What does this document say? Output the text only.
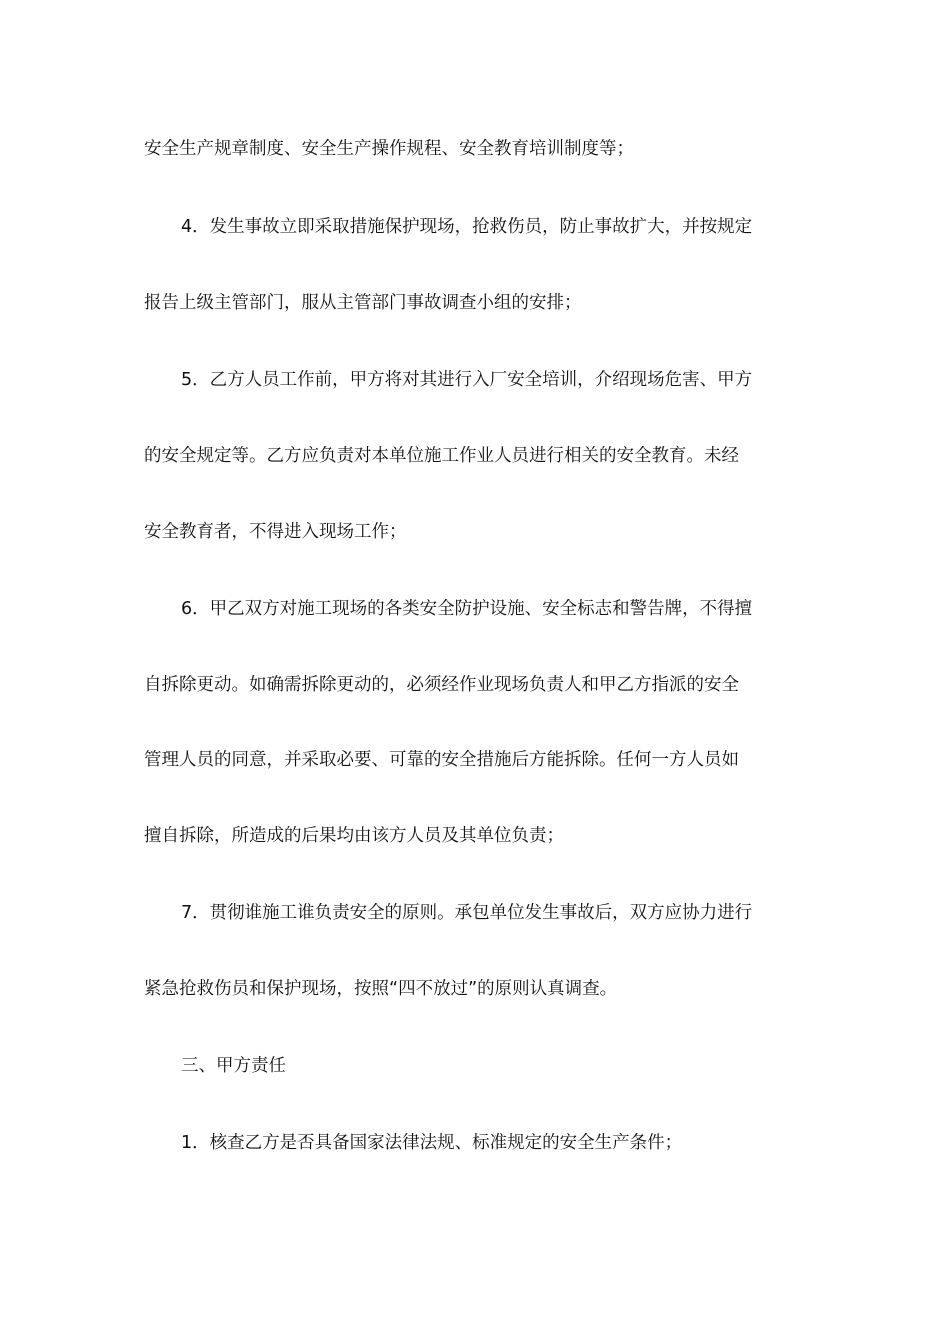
安全生产规章制度、安全生产操作规程、安全教育培训制度等；
4．发生事故立即采取措施保护现场，抢救伤员，防止事故扩大，并按规定
报告上级主管部门，服从主管部门事故调查小组的安排；
5．乙方人员工作前，甲方将对其进行入厂安全培训，介绍现场危害、甲方
的安全规定等。乙方应负责对本单位施工作业人员进行相关的安全教育。未经
安全教育者，不得进入现场工作；
6．甲乙双方对施工现场的各类安全防护设施、安全标志和警告牌，不得擅
自拆除更动。如确需拆除更动的，必须经作业现场负责人和甲乙方指派的安全
管理人员的同意，并采取必要、可靠的安全措施后方能拆除。任何一方人员如
擅自拆除，所造成的后果均由该方人员及其单位负责；
7．贯彻谁施工谁负责安全的原则。承包单位发生事故后，双方应协力进行
紧急抢救伤员和保护现场，按照“四不放过”的原则认真调查。
三、甲方责任
1．核查乙方是否具备国家法律法规、标准规定的安全生产条件；
